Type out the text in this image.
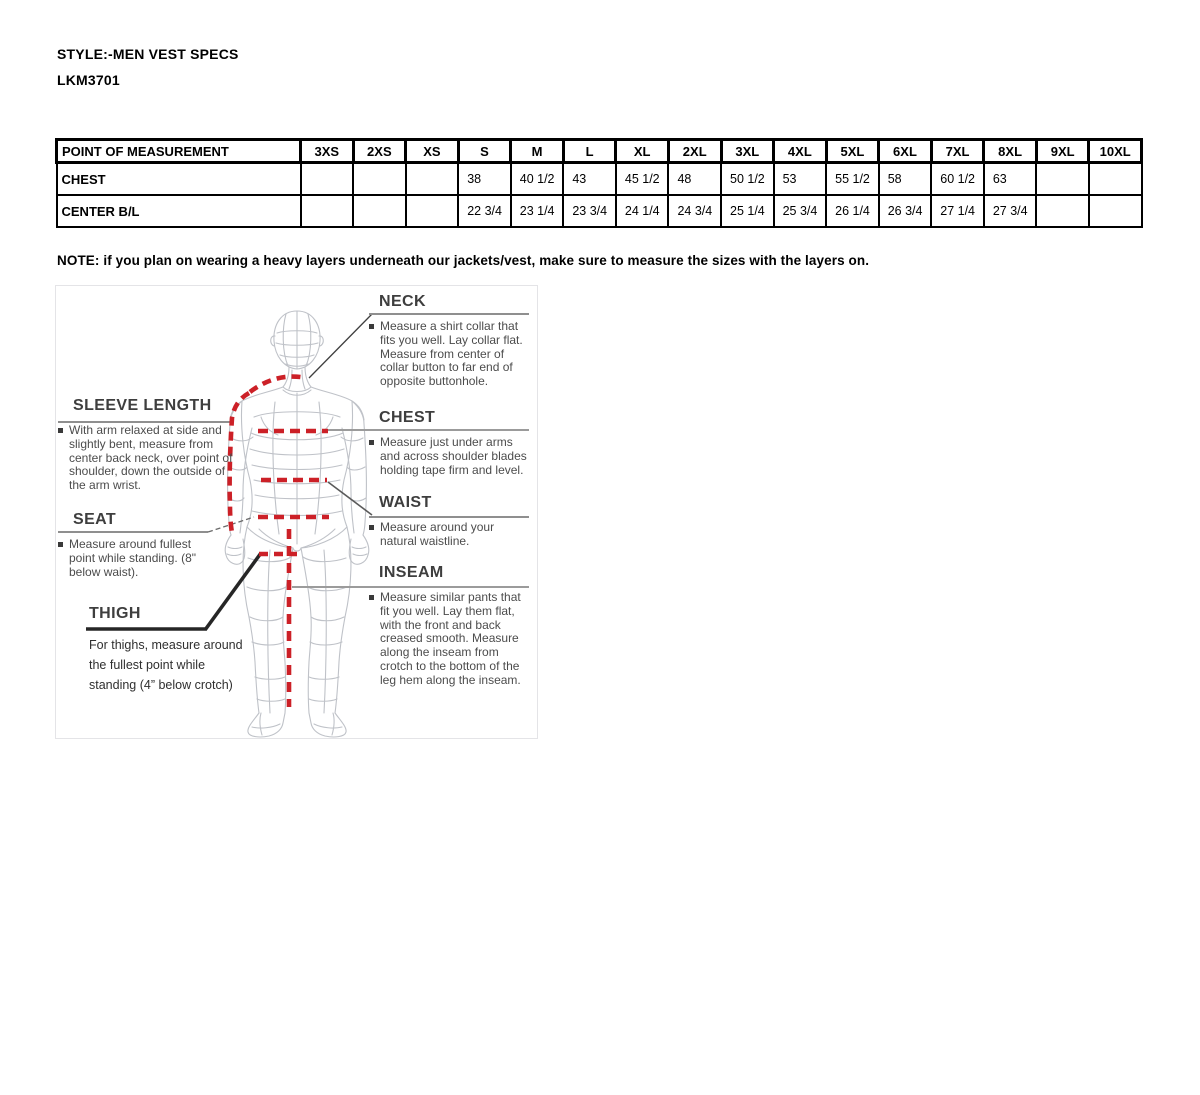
STYLE:-MEN VEST SPECS
LKM3701
POINT OF MEASUREMENT	3XS	2XS	XS	S	M	L	XL	2XL	3XL	4XL	5XL	6XL	7XL	8XL	9XL	10XL
CHEST				38	40 1/2	43	45 1/2	48	50 1/2	53	55 1/2	58	60 1/2	63		
CENTER B/L				22 3/4	23 1/4	23 3/4	24 1/4	24 3/4	25 1/4	25 3/4	26 1/4	26 3/4	27 1/4	27 3/4		
NOTE: if you plan on wearing a heavy layers underneath our jackets/vest, make sure to measure the sizes with the layers on.
NECK
Measure a shirt collar that fits you well. Lay collar flat. Measure from center of collar button to far end of opposite buttonhole.
CHEST
Measure just under arms and across shoulder blades holding tape firm and level.
WAIST
Measure around your natural waistline.
INSEAM
Measure similar pants that fit you well. Lay them flat, with the front and back creased smooth. Measure along the inseam from crotch to the bottom of the leg hem along the inseam.
SLEEVE LENGTH
With arm relaxed at side and slightly bent, measure from center back neck, over point of shoulder, down the outside of the arm wrist.
SEAT
Measure around fullest point while standing. (8" below waist).
THIGH
For thighs, measure around the fullest point while standing (4” below crotch)
